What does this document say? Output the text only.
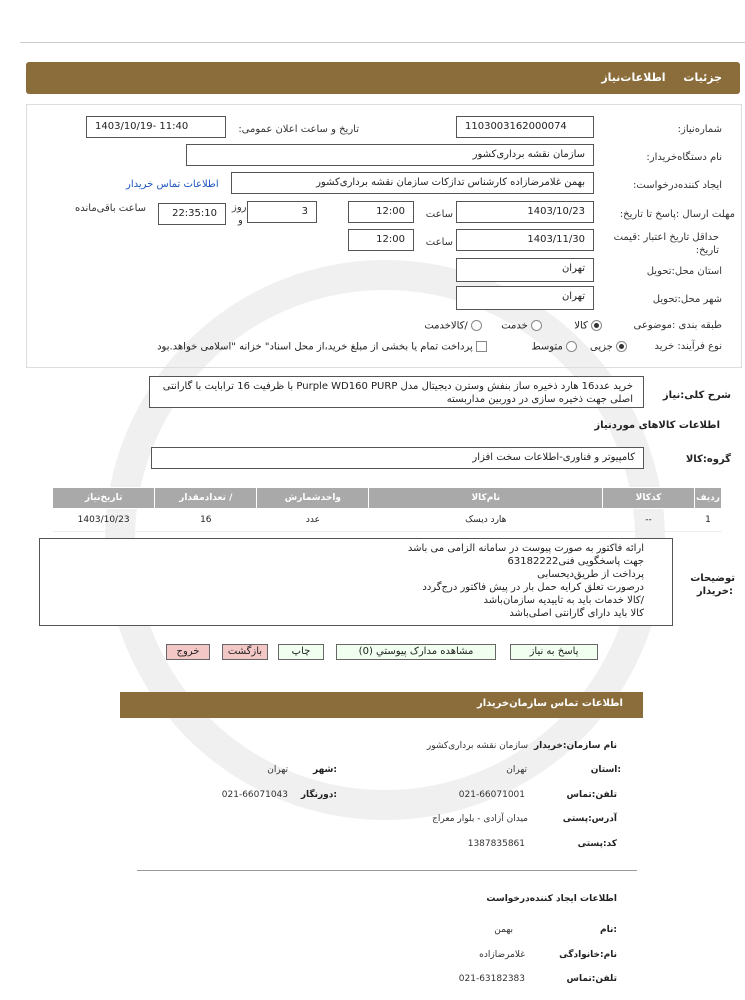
جزئیات اطلاعات‌نیاز
شماره‌نیاز:
1103003162000074
تاریخ و ساعت اعلان عمومی:
1403/10/19- 11:40
نام دستگاه‌خریدار:
سازمان نقشه برداری‌کشور
ایجاد کننده‌درخواست:
بهمن غلامرضازاده کارشناس تدازکات سازمان نقشه برداری‌کشور
اطلاعات تماس خریدار
مهلت ارسال :پاسخ تا تاریخ:
1403/10/23
ساعت
12:00
3
روز
و
22:35:10
ساعت باقی‌مانده
حداقل تاریخ اعتبار :قیمت
تاریخ:
1403/11/30
ساعت
12:00
استان محل:تحویل
تهران
شهر محل:تحویل
تهران
طبقه بندی :موضوعی
کالا
خدمت
/کالاخدمت
نوع فرآیند: خرید
جزیی
متوسط
پرداخت تمام یا بخشی از مبلغ خرید،از محل اسناد" خزانه "اسلامی خواهد.بود
شرح کلی:نیاز
خرید عدد16 هارد ذخیره ساز بنفش وسترن دیجیتال مدل Purple WD160 PURP با ظرفیت 16 ترابایت با گارانتی
اصلی جهت ذخیره سازی در دوربین مداربسته
اطلاعات کالاهای موردنیاز
گروه:کالا
کامپیوتر و فناوری-اطلاعات سخت افزار
ردیف	کدکالا	نام‌کالا	واحدشمارش	/ تعدادمقدار	تاریخ‌نیاز
1	--	هارد دیسک	عدد	16	1403/10/23
توضیحات
:خریدار
ارائه فاکتور به صورت پیوست در سامانه الزامی می باشد
جهت پاسخگویی فنی63182222
پرداخت از طریق‌دیحسابی
درصورت تعلق کرایه حمل بار در پیش فاکتور درج‌گردد
/کالا خدمات باید به تاییدیه سازمان‌باشد
کالا باید دارای گارانتی اصلی‌باشد
پاسخ به نیاز
مشاهده مدارک پیوستي (0)
چاپ
بازگشت
خروج
اطلاعات تماس سازمان‌خریدار
نام سازمان:خریدار
سازمان نقشه برداری‌کشور
:استان
تهران
:شهر
تهران
تلفن:تماس
021-66071001
:دورنگار
021-66071043
آدرس:پستی
میدان آزادی - بلوار معراج
کد:پستی
1387835861
اطلاعات ایجاد کننده‌درخواست
:نام
بهمن
نام:خانوادگی
غلامرضازاده
تلفن:تماس
021-63182383
